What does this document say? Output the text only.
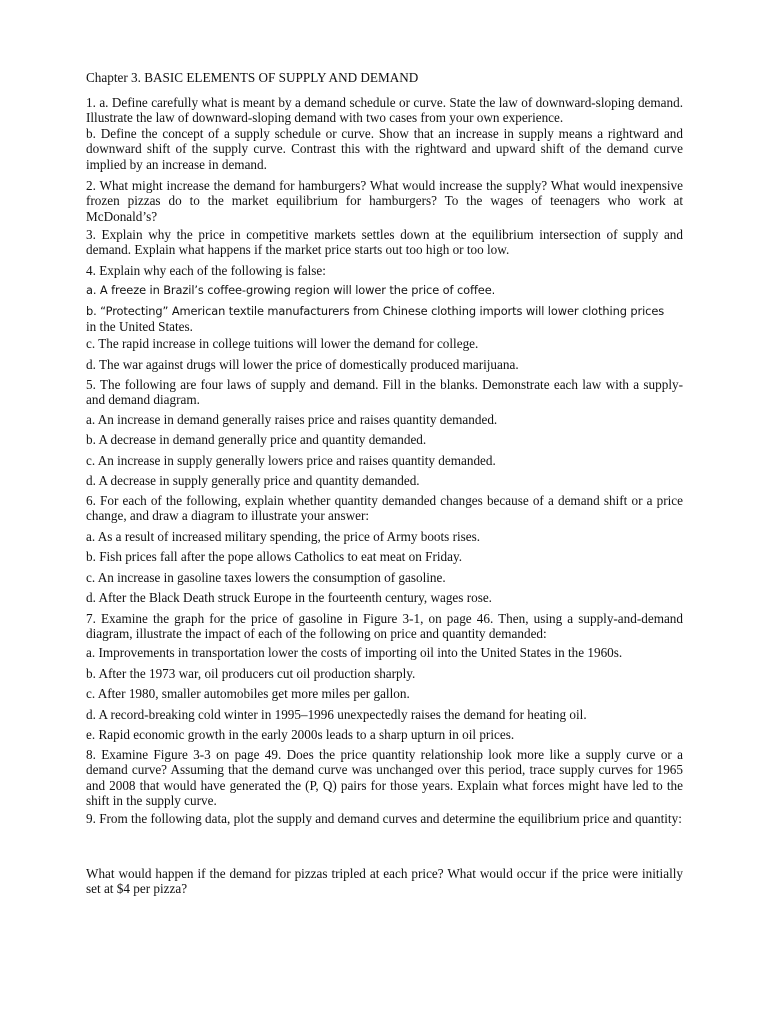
Chapter 3. BASIC ELEMENTS OF SUPPLY AND DEMAND

1. a. Define carefully what is meant by a demand schedule or curve. State the law of downward-sloping demand. Illustrate the law of downward-sloping demand with two cases from your own experience.

b. Define the concept of a supply schedule or curve. Show that an increase in supply means a rightward and downward shift of the supply curve. Contrast this with the rightward and upward shift of the demand curve implied by an increase in demand.

2. What might increase the demand for hamburgers? What would increase the supply? What would inexpensive frozen pizzas do to the market equilibrium for hamburgers? To the wages of teenagers who work at McDonald’s?

3. Explain why the price in competitive markets settles down at the equilibrium intersection of supply and demand. Explain what happens if the market price starts out too high or too low.

4. Explain why each of the following is false:

a. A freeze in Brazil’s coffee-growing region will lower the price of coffee.

b. “Protecting” American textile manufacturers from Chinese clothing imports will lower clothing prices
in the United States.

c. The rapid increase in college tuitions will lower the demand for college.

d. The war against drugs will lower the price of domestically produced marijuana.

5. The following are four laws of supply and demand. Fill in the blanks. Demonstrate each law with a supply-and demand diagram.

a. An increase in demand generally raises price and raises quantity demanded.

b. A decrease in demand generally price and quantity demanded.

c. An increase in supply generally lowers price and raises quantity demanded.

d. A decrease in supply generally price and quantity demanded.

6. For each of the following, explain whether quantity demanded changes because of a demand shift or a price change, and draw a diagram to illustrate your answer:

a. As a result of increased military spending, the price of Army boots rises.

b. Fish prices fall after the pope allows Catholics to eat meat on Friday.

c. An increase in gasoline taxes lowers the consumption of gasoline.

d. After the Black Death struck Europe in the fourteenth century, wages rose.

7. Examine the graph for the price of gasoline in Figure 3-1, on page 46. Then, using a supply-and-demand diagram, illustrate the impact of each of the following on price and quantity demanded:

a. Improvements in transportation lower the costs of importing oil into the United States in the 1960s.

b. After the 1973 war, oil producers cut oil production sharply.

c. After 1980, smaller automobiles get more miles per gallon.

d. A record-breaking cold winter in 1995–1996 unexpectedly raises the demand for heating oil.

e. Rapid economic growth in the early 2000s leads to a sharp upturn in oil prices.

8. Examine Figure 3-3 on page 49. Does the price quantity relationship look more like a supply curve or a demand curve? Assuming that the demand curve was unchanged over this period, trace supply curves for 1965 and 2008 that would have generated the (P, Q) pairs for those years. Explain what forces might have led to the shift in the supply curve.

9. From the following data, plot the supply and demand curves and determine the equilibrium price and quantity:

What would happen if the demand for pizzas tripled at each price? What would occur if the price were initially set at $4 per pizza?
